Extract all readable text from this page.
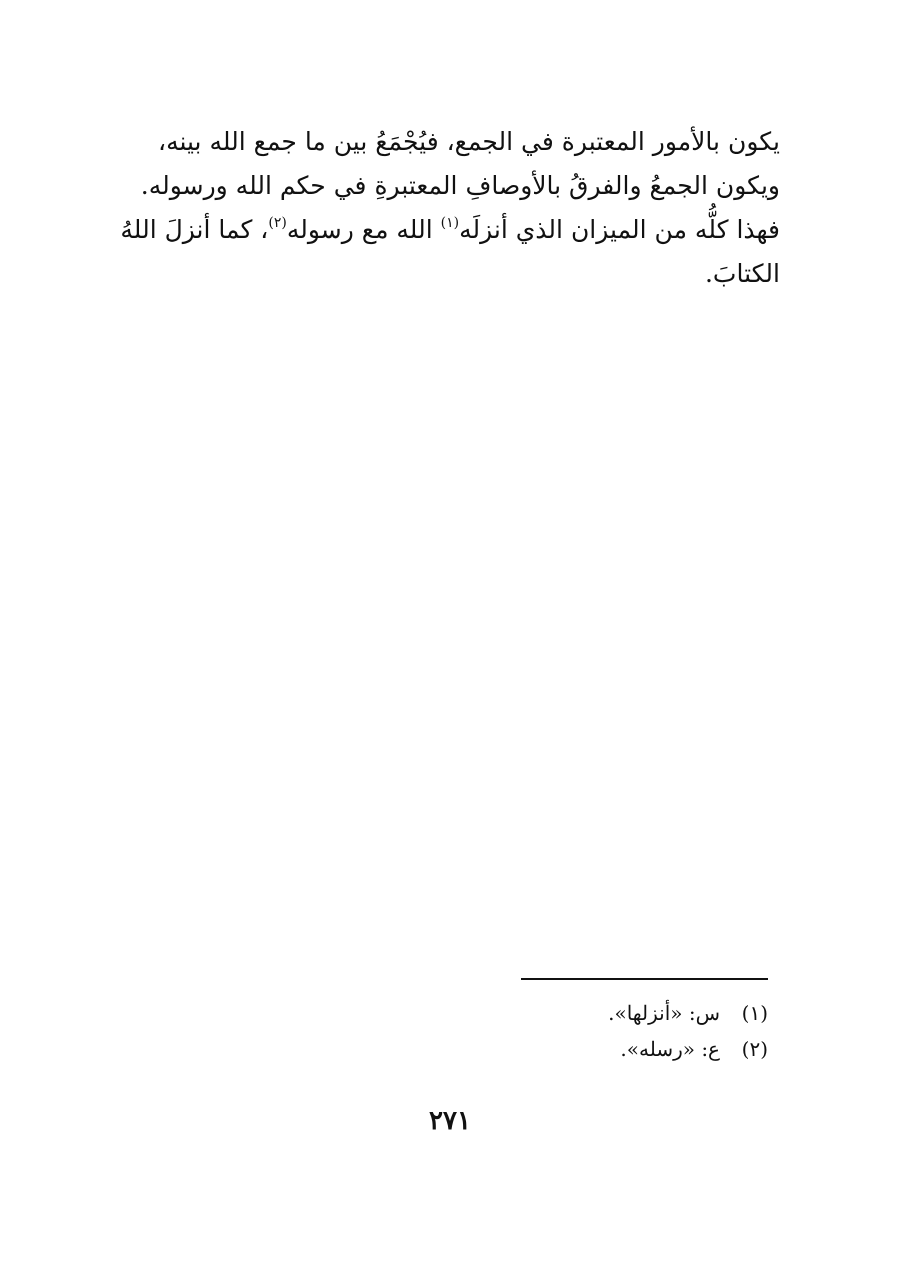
يكون بالأمور المعتبرة في الجمع، فيُجْمَعُ بين ما جمع الله بينه،
ويكون الجمعُ والفرقُ بالأوصافِ المعتبرةِ في حكم الله ورسوله.
فهذا كلُّه من الميزان الذي أنزلَه$^{(١)}$ الله مع رسوله$^{(٢)}$، كما أنزلَ اللهُ
الكتابَ.
(١)س: «أنزلها».
(٢)ع: «رسله».
٢٧١
